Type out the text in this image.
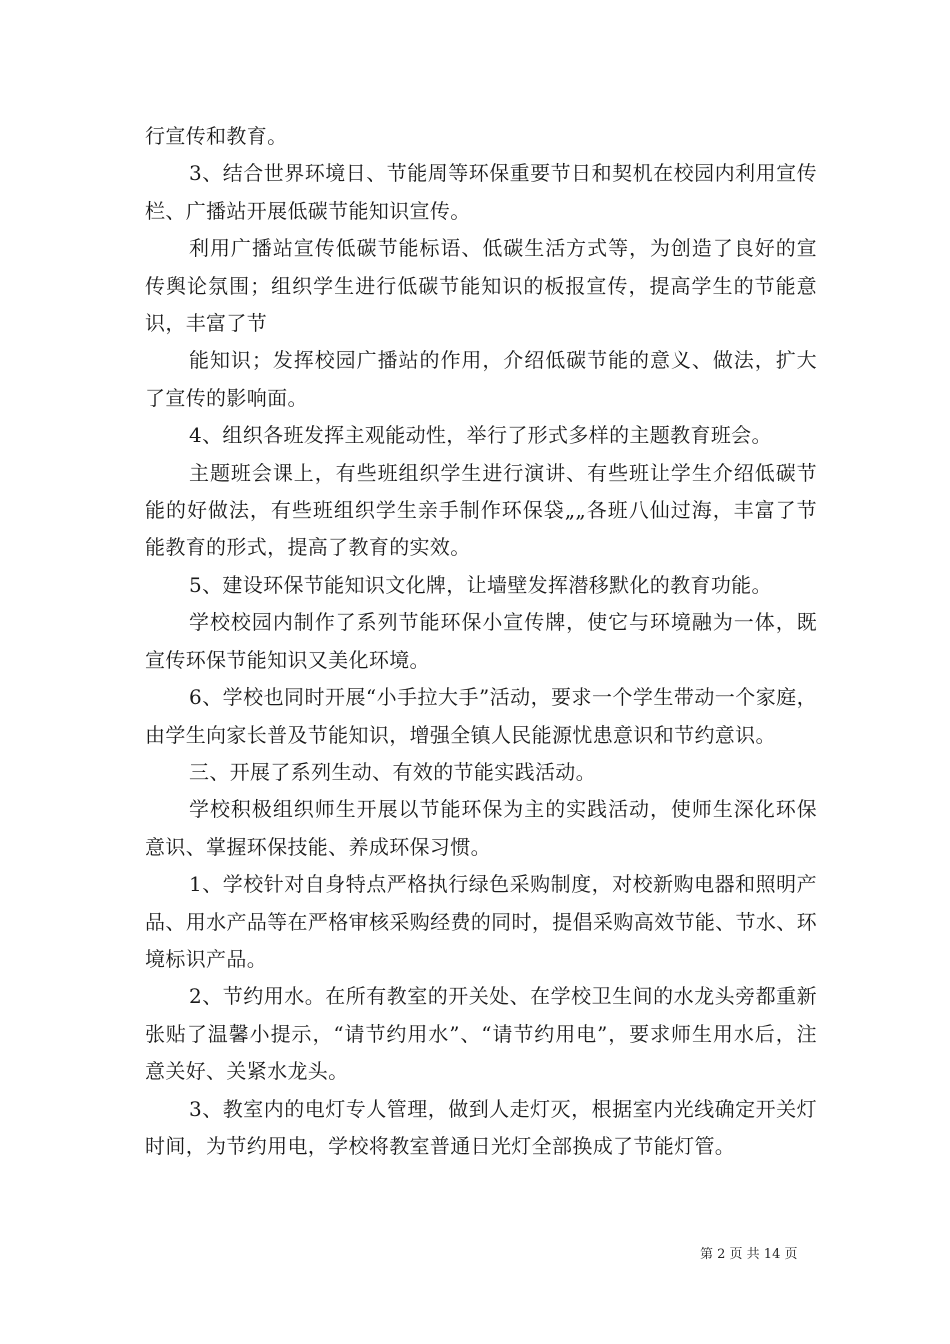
行宣传和教育。

3、结合世界环境日、节能周等环保重要节日和契机在校园内利用宣传栏、广播站开展低碳节能知识宣传。

利用广播站宣传低碳节能标语、低碳生活方式等，为创造了良好的宣传舆论氛围；组织学生进行低碳节能知识的板报宣传，提高学生的节能意识，丰富了节

能知识；发挥校园广播站的作用，介绍低碳节能的意义、做法，扩大了宣传的影响面。

4、组织各班发挥主观能动性，举行了形式多样的主题教育班会。

主题班会课上，有些班组织学生进行演讲、有些班让学生介绍低碳节能的好做法，有些班组织学生亲手制作环保袋„„各班八仙过海，丰富了节能教育的形式，提高了教育的实效。

5、建设环保节能知识文化牌，让墙壁发挥潜移默化的教育功能。

学校校园内制作了系列节能环保小宣传牌，使它与环境融为一体，既宣传环保节能知识又美化环境。

6、学校也同时开展“小手拉大手”活动，要求一个学生带动一个家庭，由学生向家长普及节能知识，增强全镇人民能源忧患意识和节约意识。

三、开展了系列生动、有效的节能实践活动。

学校积极组织师生开展以节能环保为主的实践活动，使师生深化环保意识、掌握环保技能、养成环保习惯。

1、学校针对自身特点严格执行绿色采购制度，对校新购电器和照明产品、用水产品等在严格审核采购经费的同时，提倡采购高效节能、节水、环境标识产品。

2、节约用水。在所有教室的开关处、在学校卫生间的水龙头旁都重新张贴了温馨小提示，“请节约用水”、“请节约用电”，要求师生用水后，注意关好、关紧水龙头。

3、教室内的电灯专人管理，做到人走灯灭，根据室内光线确定开关灯时间，为节约用电，学校将教室普通日光灯全部换成了节能灯管。

第 2 页 共 14 页
